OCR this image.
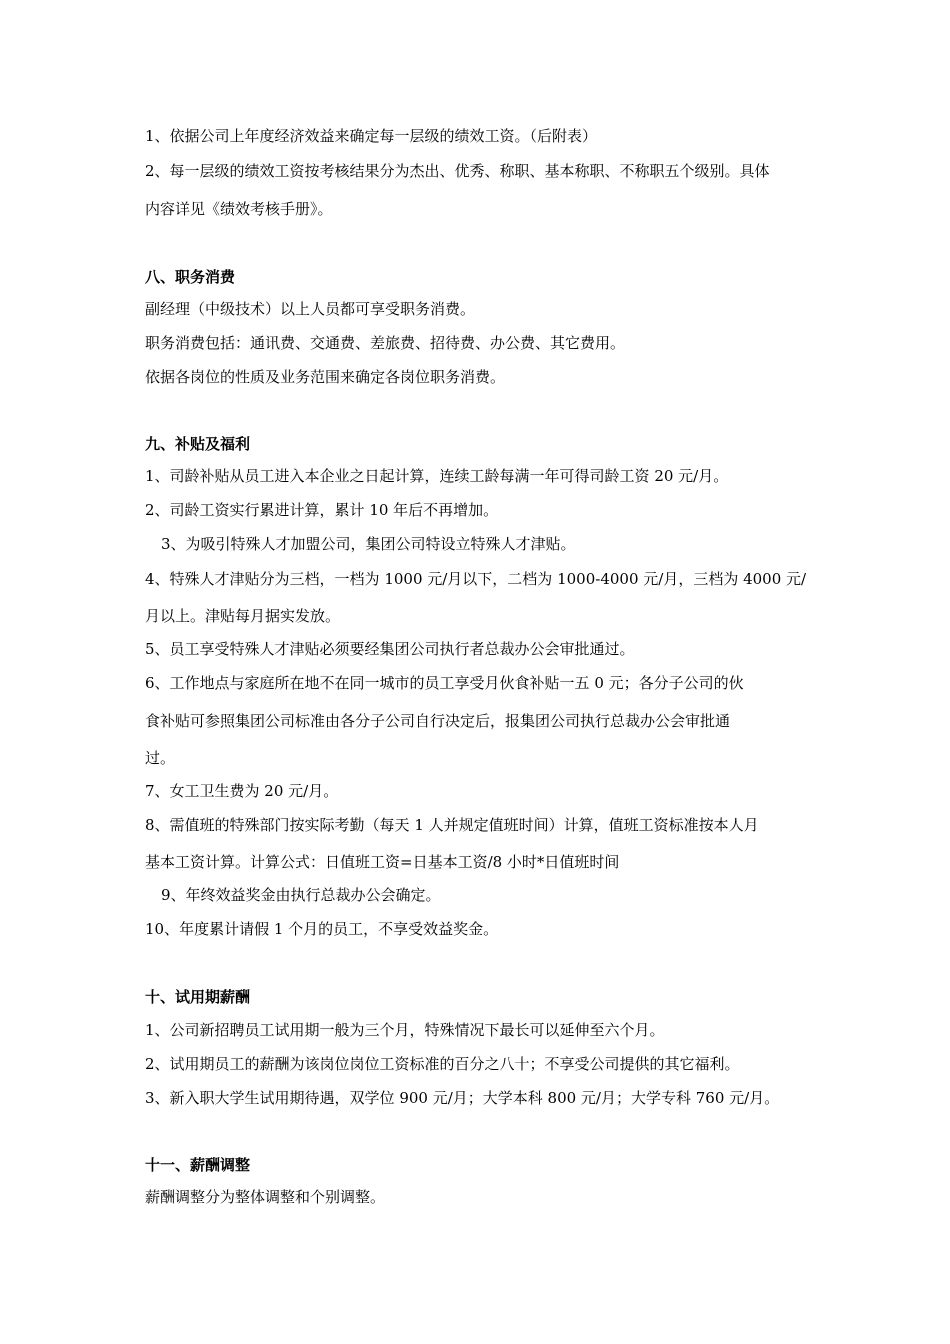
1、依据公司上年度经济效益来确定每一层级的绩效工资。（后附表）
2、每一层级的绩效工资按考核结果分为杰出、优秀、称职、基本称职、不称职五个级别。具体
内容详见《绩效考核手册》。
八、职务消费
副经理（中级技术）以上人员都可享受职务消费。
职务消费包括：通讯费、交通费、差旅费、招待费、办公费、其它费用。
依据各岗位的性质及业务范围来确定各岗位职务消费。
九、补贴及福利
1、司龄补贴从员工进入本企业之日起计算，连续工龄每满一年可得司龄工资 20 元/月。
2、司龄工资实行累进计算，累计 10 年后不再增加。
3、为吸引特殊人才加盟公司，集团公司特设立特殊人才津贴。
4、特殊人才津贴分为三档，一档为 1000 元/月以下，二档为 1000-4000 元/月，三档为 4000 元/
月以上。津贴每月据实发放。
5、员工享受特殊人才津贴必须要经集团公司执行者总裁办公会审批通过。
6、工作地点与家庭所在地不在同一城市的员工享受月伙食补贴一五 0 元；各分子公司的伙
食补贴可参照集团公司标准由各分子公司自行决定后，报集团公司执行总裁办公会审批通
过。
7、女工卫生费为 20 元/月。
8、需值班的特殊部门按实际考勤（每天 1 人并规定值班时间）计算，值班工资标准按本人月
基本工资计算。计算公式：日值班工资=日基本工资/8 小时*日值班时间
9、年终效益奖金由执行总裁办公会确定。
10、年度累计请假 1 个月的员工，不享受效益奖金。
十、试用期薪酬
1、公司新招聘员工试用期一般为三个月，特殊情况下最长可以延伸至六个月。
2、试用期员工的薪酬为该岗位岗位工资标准的百分之八十；不享受公司提供的其它福利。
3、新入职大学生试用期待遇，双学位 900 元/月；大学本科 800 元/月；大学专科 760 元/月。
十一、薪酬调整
薪酬调整分为整体调整和个别调整。
